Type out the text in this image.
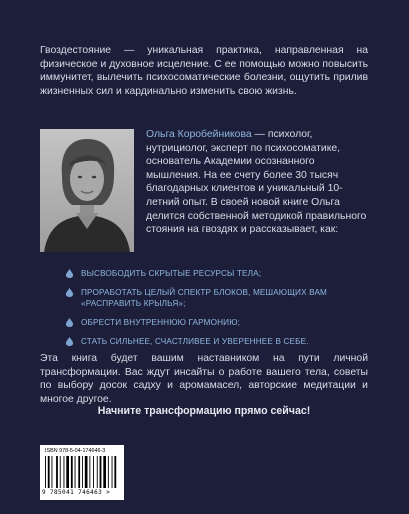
Гвоздестояние — уникальная практика, направленная на физическое и духовное исцеление. С ее помощью можно повысить иммунитет, вылечить психосоматические болезни, ощутить прилив жизненных сил и кардинально изменить свою жизнь.

Ольга Коробейникова — психолог, нутрициолог, эксперт по психосоматике, основатель Академии осознанного мышления. На ее счету более 30 тысяч благодарных клиентов и уникальный 10-летний опыт. В своей новой книге Ольга делится собственной методикой правильного стояния на гвоздях и рассказывает, как:

ВЫСВОБОДИТЬ СКРЫТЫЕ РЕСУРСЫ ТЕЛА;
ПРОРАБОТАТЬ ЦЕЛЫЙ СПЕКТР БЛОКОВ, МЕШАЮЩИХ ВАМ «РАСПРАВИТЬ КРЫЛЬЯ»;
ОБРЕСТИ ВНУТРЕННЮЮ ГАРМОНИЮ;
СТАТЬ СИЛЬНЕЕ, СЧАСТЛИВЕЕ И УВЕРЕННЕЕ В СЕБЕ.

Эта книга будет вашим наставником на пути личной трансформации. Вас ждут инсайты о работе вашего тела, советы по выбору досок садху и аромамасел, авторские медитации и многое другое.

Начните трансформацию прямо сейчас!

ISBN 978-5-04-174646-3
9 785041 746463 >
